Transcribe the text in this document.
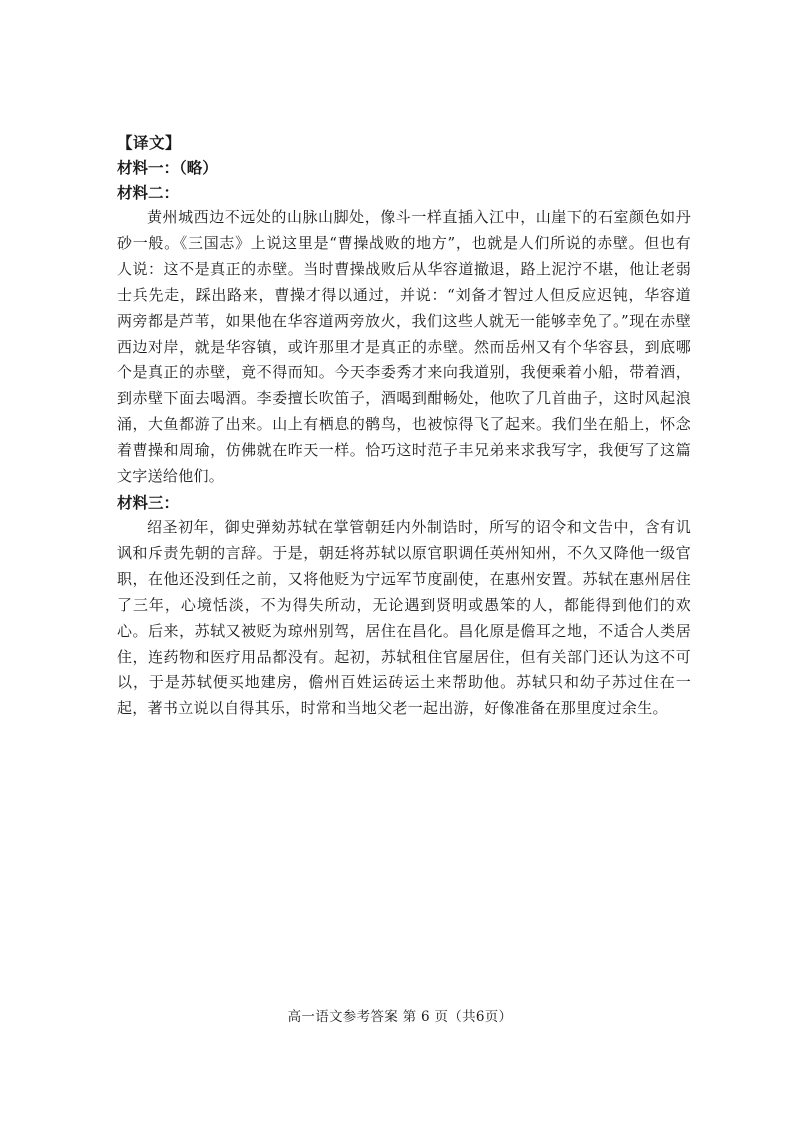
【译文】

材料一：（略）

材料二：

黄州城西边不远处的山脉山脚处，像斗一样直插入江中，山崖下的石室颜色如丹砂一般。《三国志》上说这里是“曹操战败的地方”，也就是人们所说的赤壁。但也有人说：这不是真正的赤壁。当时曹操战败后从华容道撤退，路上泥泞不堪，他让老弱士兵先走，踩出路来，曹操才得以通过，并说：“刘备才智过人但反应迟钝，华容道两旁都是芦苇，如果他在华容道两旁放火，我们这些人就无一能够幸免了。”现在赤壁西边对岸，就是华容镇，或许那里才是真正的赤壁。然而岳州又有个华容县，到底哪个是真正的赤壁，竟不得而知。今天李委秀才来向我道别，我便乘着小船，带着酒，到赤壁下面去喝酒。李委擅长吹笛子，酒喝到酣畅处，他吹了几首曲子，这时风起浪涌，大鱼都游了出来。山上有栖息的鹘鸟，也被惊得飞了起来。我们坐在船上，怀念着曹操和周瑜，仿佛就在昨天一样。恰巧这时范子丰兄弟来求我写字，我便写了这篇文字送给他们。

材料三：

绍圣初年，御史弹劾苏轼在掌管朝廷内外制诰时，所写的诏令和文告中，含有讥讽和斥责先朝的言辞。于是，朝廷将苏轼以原官职调任英州知州，不久又降他一级官职，在他还没到任之前，又将他贬为宁远军节度副使，在惠州安置。苏轼在惠州居住了三年，心境恬淡，不为得失所动，无论遇到贤明或愚笨的人，都能得到他们的欢心。后来，苏轼又被贬为琼州别驾，居住在昌化。昌化原是儋耳之地，不适合人类居住，连药物和医疗用品都没有。起初，苏轼租住官屋居住，但有关部门还认为这不可以，于是苏轼便买地建房，儋州百姓运砖运土来帮助他。苏轼只和幼子苏过住在一起，著书立说以自得其乐，时常和当地父老一起出游，好像准备在那里度过余生。

高一语文参考答案 第 6 页（共6页）
